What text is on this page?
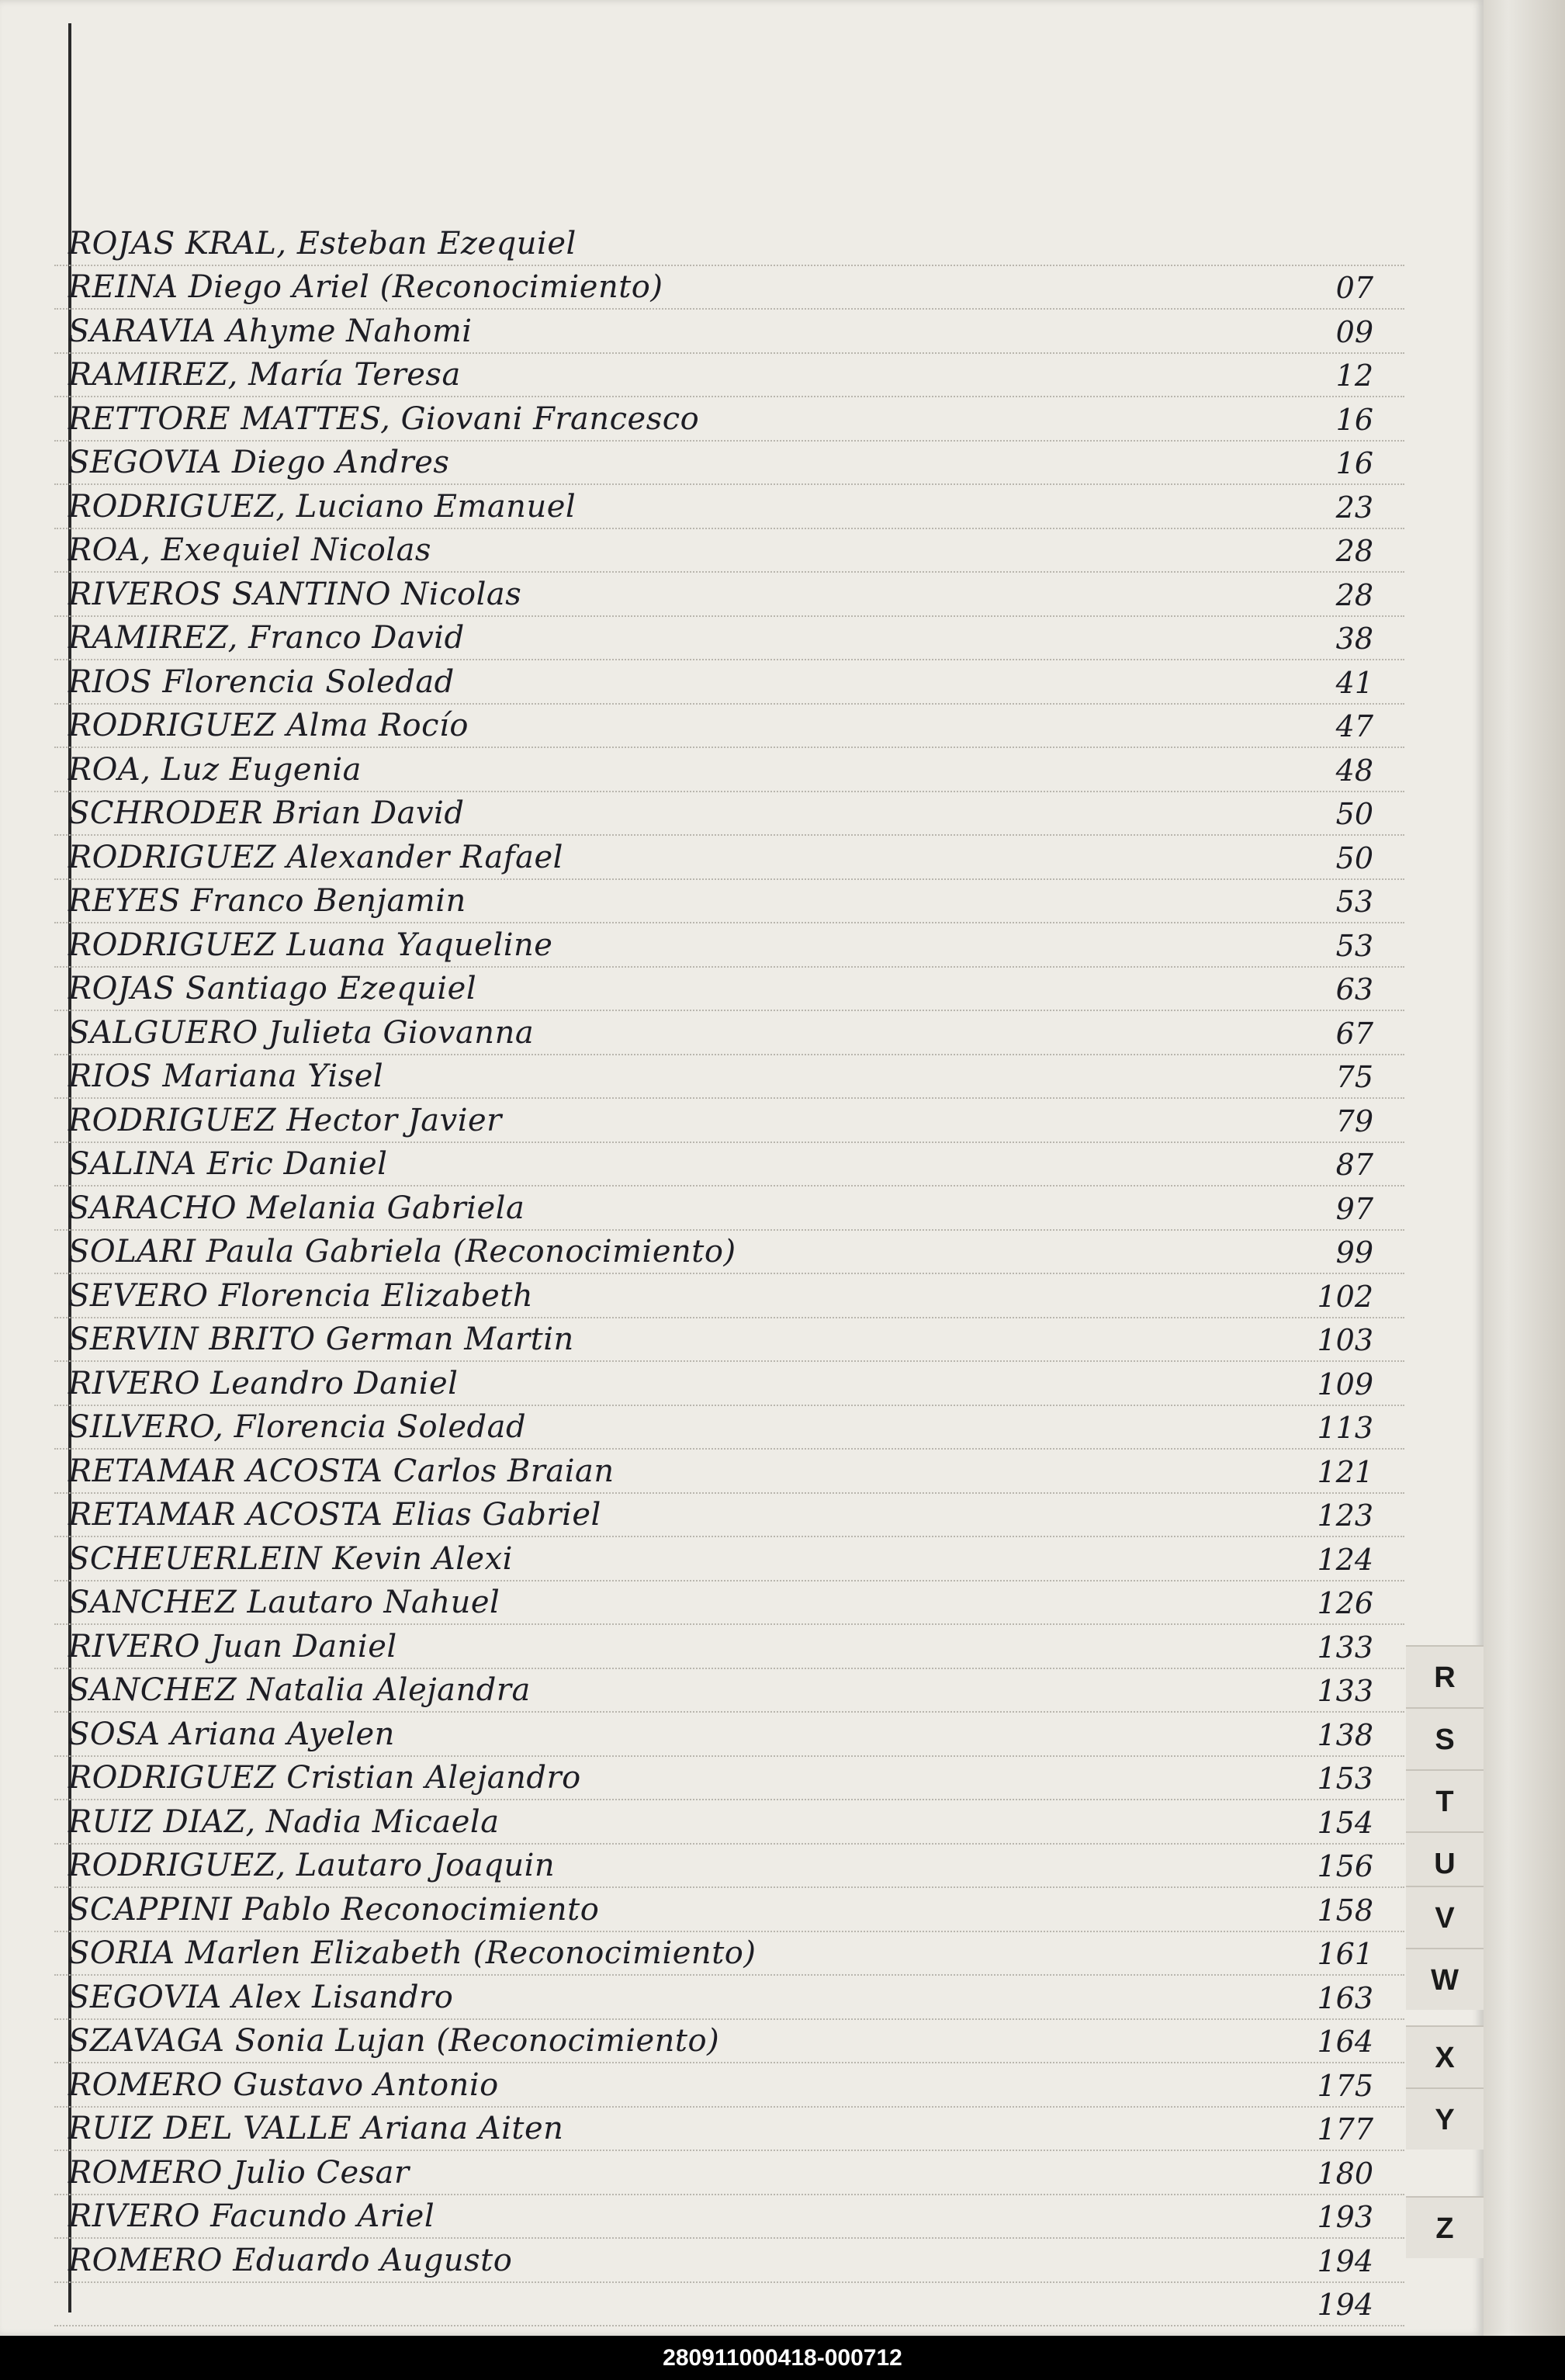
ROJAS KRAL, Esteban Ezequiel
REINA Diego Ariel (Reconocimiento)	07
SARAVIA Ahyme Nahomi	09
RAMIREZ, María Teresa	12
RETTORE MATTES, Giovani Francesco	16
SEGOVIA Diego Andres	16
RODRIGUEZ, Luciano Emanuel	23
ROA, Exequiel Nicolas	28
RIVEROS SANTINO Nicolas	28
RAMIREZ, Franco David	38
RIOS Florencia Soledad	41
RODRIGUEZ Alma Rocío	47
ROA, Luz Eugenia	48
SCHRODER Brian David	50
RODRIGUEZ Alexander Rafael	50
REYES Franco Benjamin	53
RODRIGUEZ Luana Yaqueline	53
ROJAS Santiago Ezequiel	63
SALGUERO Julieta Giovanna	67
RIOS Mariana Yisel	75
RODRIGUEZ Hector Javier	79
SALINA Eric Daniel	87
SARACHO Melania Gabriela	97
SOLARI Paula Gabriela (Reconocimiento)	99
SEVERO Florencia Elizabeth	102
SERVIN BRITO German Martin	103
RIVERO Leandro Daniel	109
SILVERO, Florencia Soledad	113
RETAMAR ACOSTA Carlos Braian	121
RETAMAR ACOSTA Elias Gabriel	123
SCHEUERLEIN Kevin Alexi	124
SANCHEZ Lautaro Nahuel	126
RIVERO Juan Daniel	133
SANCHEZ Natalia Alejandra	133
SOSA Ariana Ayelen	138
RODRIGUEZ Cristian Alejandro	153
RUIZ DIAZ, Nadia Micaela	154
RODRIGUEZ, Lautaro Joaquin	156
SCAPPINI Pablo Reconocimiento	158
SORIA Marlen Elizabeth (Reconocimiento)	161
SEGOVIA Alex Lisandro	163
SZAVAGA Sonia Lujan (Reconocimiento)	164
ROMERO Gustavo Antonio	175
RUIZ DEL VALLE Ariana Aiten	177
ROMERO Julio Cesar	180
RIVERO Facundo Ariel	193
ROMERO Eduardo Augusto	194
194
R
S
T
U
V
W
X
Y
Z
280911000418-000712
